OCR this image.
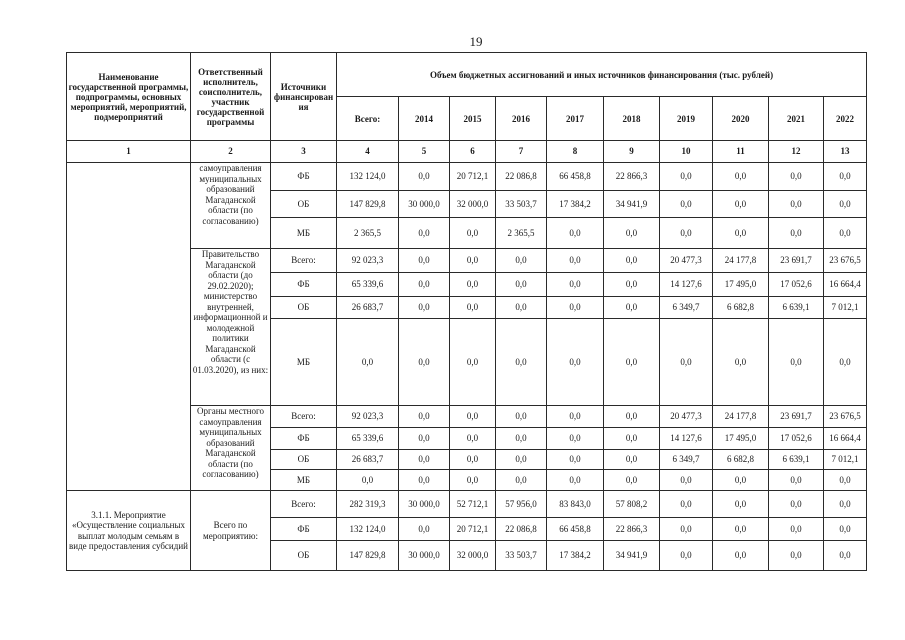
19
Наименование государственной программы, подпрограммы, основных мероприятий, мероприятий, подмероприятий	Ответственный исполнитель, соисполнитель, участник государственной программы	Источники финансирования	Объем бюджетных ассигнований и иных источников финансирования (тыс. рублей)									
			Всего:	2014	2015	2016	2017	2018	2019	2020	2021	2022
1	2	3	4	5	6	7	8	9	10	11	12	13
	самоуправления муниципальных образований Магаданской области (по согласованию)	ФБ	132 124,0	0,0	20 712,1	22 086,8	66 458,8	22 866,3	0,0	0,0	0,0	0,0
		ОБ	147 829,8	30 000,0	32 000,0	33 503,7	17 384,2	34 941,9	0,0	0,0	0,0	0,0
		МБ	2 365,5	0,0	0,0	2 365,5	0,0	0,0	0,0	0,0	0,0	0,0
	Правительство Магаданской области (до 29.02.2020); министерство внутренней, информационной и молодежной политики Магаданской области (с 01.03.2020), из них:	Всего:	92 023,3	0,0	0,0	0,0	0,0	0,0	20 477,3	24 177,8	23 691,7	23 676,5
		ФБ	65 339,6	0,0	0,0	0,0	0,0	0,0	14 127,6	17 495,0	17 052,6	16 664,4
		ОБ	26 683,7	0,0	0,0	0,0	0,0	0,0	6 349,7	6 682,8	6 639,1	7 012,1
		МБ	0,0	0,0	0,0	0,0	0,0	0,0	0,0	0,0	0,0	0,0
	Органы местного самоуправления муниципальных образований Магаданской области (по согласованию)	Всего:	92 023,3	0,0	0,0	0,0	0,0	0,0	20 477,3	24 177,8	23 691,7	23 676,5
		ФБ	65 339,6	0,0	0,0	0,0	0,0	0,0	14 127,6	17 495,0	17 052,6	16 664,4
		ОБ	26 683,7	0,0	0,0	0,0	0,0	0,0	6 349,7	6 682,8	6 639,1	7 012,1
		МБ	0,0	0,0	0,0	0,0	0,0	0,0	0,0	0,0	0,0	0,0
3.1.1. Мероприятие «Осуществление социальных выплат молодым семьям в виде предоставления субсидий	Всего по мероприятию:	Всего:	282 319,3	30 000,0	52 712,1	57 956,0	83 843,0	57 808,2	0,0	0,0	0,0	0,0
		ФБ	132 124,0	0,0	20 712,1	22 086,8	66 458,8	22 866,3	0,0	0,0	0,0	0,0
		ОБ	147 829,8	30 000,0	32 000,0	33 503,7	17 384,2	34 941,9	0,0	0,0	0,0	0,0
